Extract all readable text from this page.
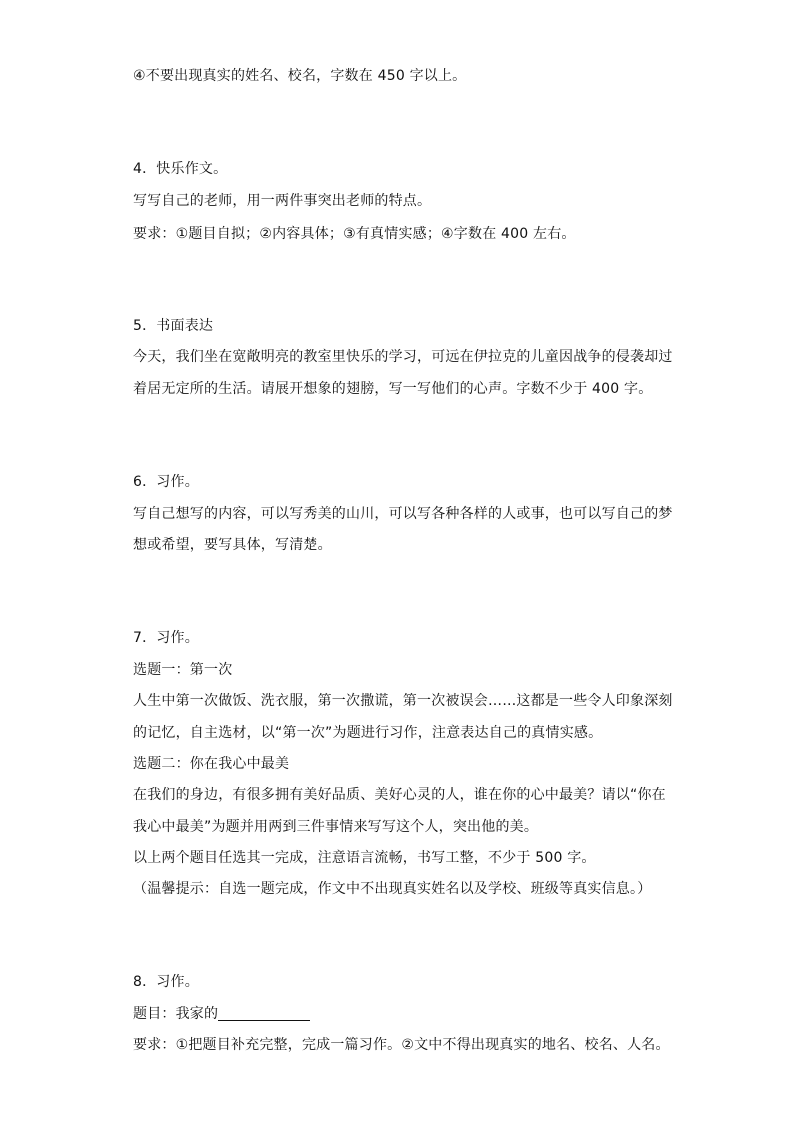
④不要出现真实的姓名、校名，字数在 450 字以上。
4．快乐作文。
写写自己的老师，用一两件事突出老师的特点。
要求：①题目自拟；②内容具体；③有真情实感；④字数在 400 左右。
5．书面表达
今天，我们坐在宽敞明亮的教室里快乐的学习，可远在伊拉克的儿童因战争的侵袭却过
着居无定所的生活。请展开想象的翅膀，写一写他们的心声。字数不少于 400 字。
6．习作。
写自己想写的内容，可以写秀美的山川，可以写各种各样的人或事，也可以写自己的梦
想或希望，要写具体，写清楚。
7．习作。
选题一：第一次
人生中第一次做饭、洗衣服，第一次撒谎，第一次被误会……这都是一些令人印象深刻
的记忆，自主选材，以“第一次”为题进行习作，注意表达自己的真情实感。
选题二：你在我心中最美
在我们的身边，有很多拥有美好品质、美好心灵的人，谁在你的心中最美？请以“你在
我心中最美”为题并用两到三件事情来写写这个人，突出他的美。
以上两个题目任选其一完成，注意语言流畅，书写工整，不少于 500 字。
（温馨提示：自选一题完成，作文中不出现真实姓名以及学校、班级等真实信息。）
8．习作。
题目：我家的
要求：①把题目补充完整，完成一篇习作。②文中不得出现真实的地名、校名、人名。
